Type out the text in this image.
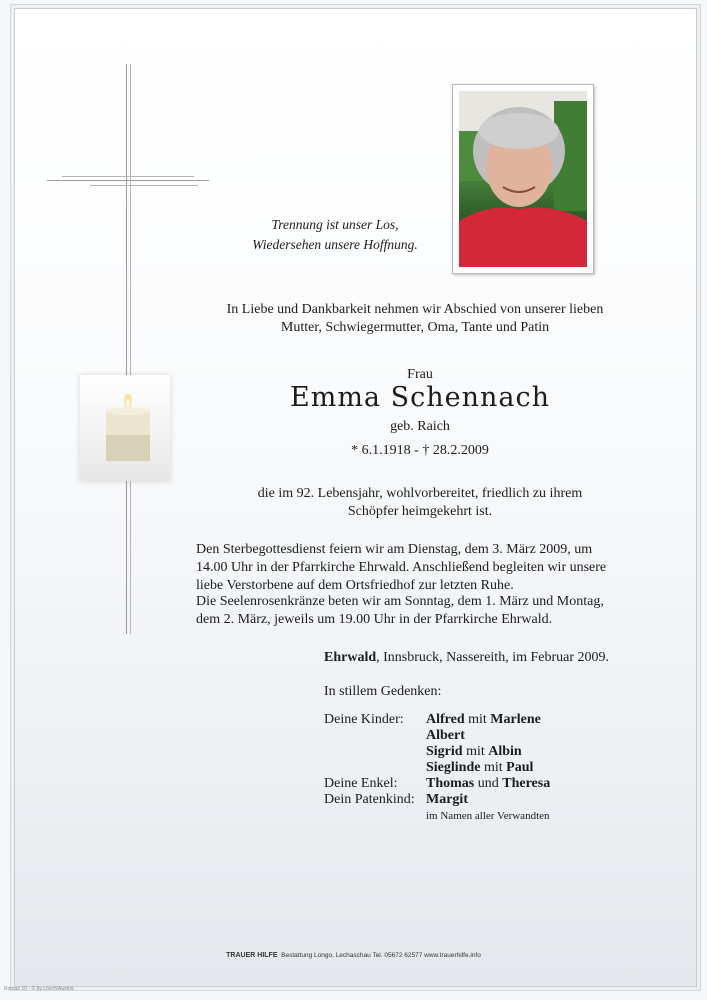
Trennung ist unser Los,
Wiedersehen unsere Hoffnung.
In Liebe und Dankbarkeit nehmen wir Abschied von unserer lieben
Mutter, Schwiegermutter, Oma, Tante und Patin
Frau
Emma Schennach
geb. Raich
* 6.1.1918 - † 28.2.2009
die im 92. Lebensjahr, wohlvorbereitet, friedlich zu ihrem
Schöpfer heimgekehrt ist.
Den Sterbegottesdienst feiern wir am Dienstag, dem 3. März 2009, um
14.00 Uhr in der Pfarrkirche Ehrwald. Anschließend begleiten wir unsere
liebe Verstorbene auf dem Ortsfriedhof zur letzten Ruhe.
Die Seelenrosenkränze beten wir am Sonntag, dem 1. März und Montag,
dem 2. März, jeweils um 19.00 Uhr in der Pfarrkirche Ehrwald.
Ehrwald, Innsbruck, Nassereith, im Februar 2009.
In stillem Gedenken:
Deine Kinder:	Alfred mit Marlene
Albert
Sigrid mit Albin
Sieglinde mit Paul
Deine Enkel:	Thomas und Theresa
Dein Patenkind: Margit
im Namen aller Verwandten
TRAUER HILFE Bestattung Longo, Lechaschau Tel. 05672 62577 www.trauerhilfe.info
Roman 10 - © by Lösch/Austria
